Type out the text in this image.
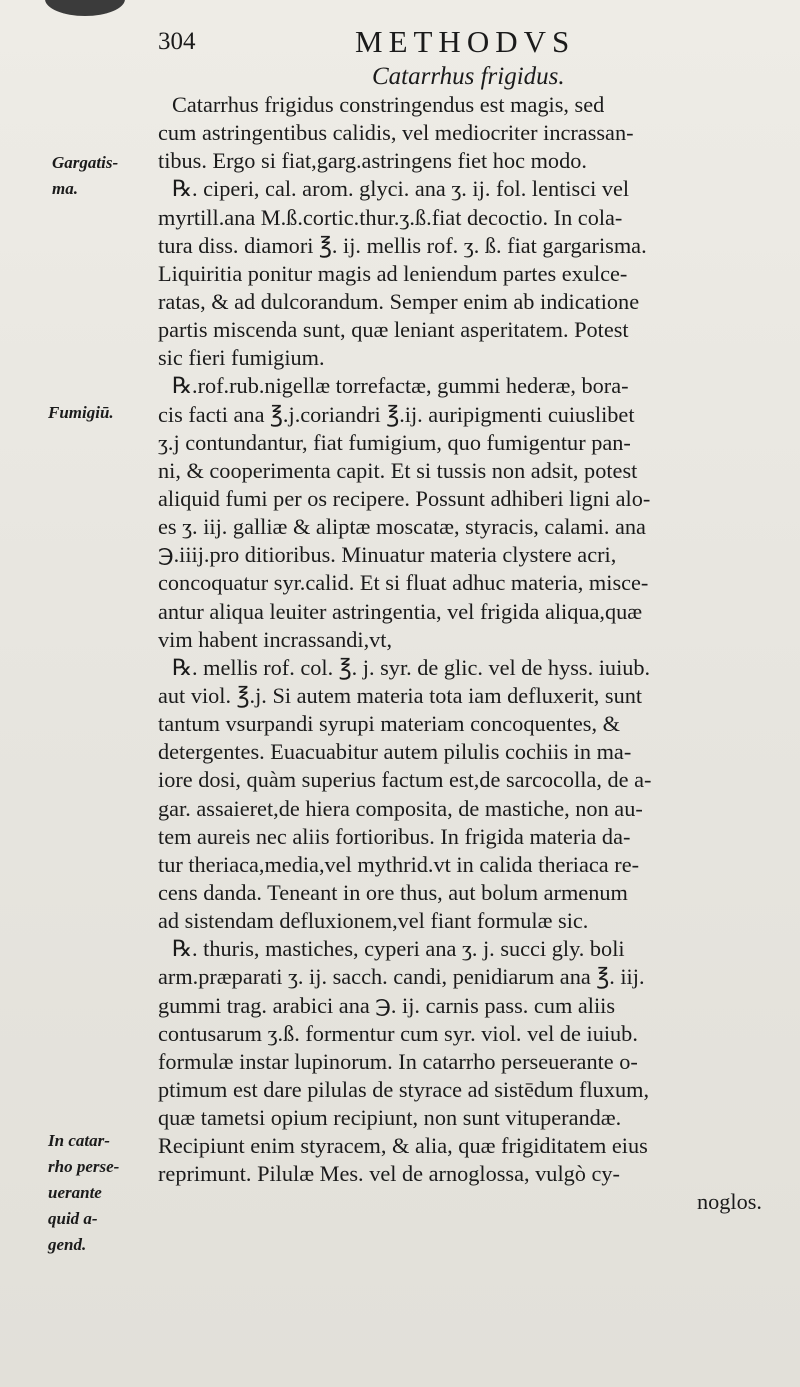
304	METHODVS
Catarrhus frigidus.
Catarrhus frigidus constringendus est magis, sed
cum astringentibus calidis, vel mediocriter incrassan-
tibus. Ergo si fiat,garg.astringens fiet hoc modo.
℞. ciperi, cal. arom. glyci. ana ʒ. ij. fol. lentisci vel
myrtill.ana M.ß.cortic.thur.ʒ.ß.fiat decoctio. In cola-
tura diss. diamori ℥. ij. mellis rof. ʒ. ß. fiat gargarisma.
Liquiritia ponitur magis ad leniendum partes exulce-
ratas, & ad dulcorandum. Semper enim ab indicatione
partis miscenda sunt, quæ leniant asperitatem. Potest
sic fieri fumigium.
℞.rof.rub.nigellæ torrefactæ, gummi hederæ, bora-
cis facti ana ℥.j.coriandri ℥.ij. auripigmenti cuiuslibet
ʒ.j contundantur, fiat fumigium, quo fumigentur pan-
ni, & cooperimenta capit. Et si tussis non adsit, potest
aliquid fumi per os recipere. Possunt adhiberi ligni alo-
es ʒ. iij. galliæ & aliptæ moscatæ, styracis, calami. ana
℈.iiij.pro ditioribus. Minuatur materia clystere acri,
concoquatur syr.calid. Et si fluat adhuc materia, misce-
antur aliqua leuiter astringentia, vel frigida aliqua,quæ
vim habent incrassandi,vt,
℞. mellis rof. col. ℥. j. syr. de glic. vel de hyss. iuiub.
aut viol. ℥.j. Si autem materia tota iam defluxerit, sunt
tantum vsurpandi syrupi materiam concoquentes, &
detergentes. Euacuabitur autem pilulis cochiis in ma-
iore dosi, quàm superius factum est,de sarcocolla, de a-
gar. assaieret,de hiera composita, de mastiche, non au-
tem aureis nec aliis fortioribus. In frigida materia da-
tur theriaca,media,vel mythrid.vt in calida theriaca re-
cens danda. Teneant in ore thus, aut bolum armenum
ad sistendam defluxionem,vel fiant formulæ sic.
℞. thuris, mastiches, cyperi ana ʒ. j. succi gly. boli
arm.præparati ʒ. ij. sacch. candi, penidiarum ana ℥. iij.
gummi trag. arabici ana ℈. ij. carnis pass. cum aliis
contusarum ʒ.ß. formentur cum syr. viol. vel de iuiub.
formulæ instar lupinorum. In catarrho perseuerante o-
ptimum est dare pilulas de styrace ad sistēdum fluxum,
quæ tametsi opium recipiunt, non sunt vituperandæ.
Recipiunt enim styracem, & alia, quæ frigiditatem eius
reprimunt. Pilulæ Mes. vel de arnoglossa, vulgò cy-
noglos.
Gargatis-
ma.
Fumigiū.
In catar-
rho perse-
uerante
quid a-
gend.
